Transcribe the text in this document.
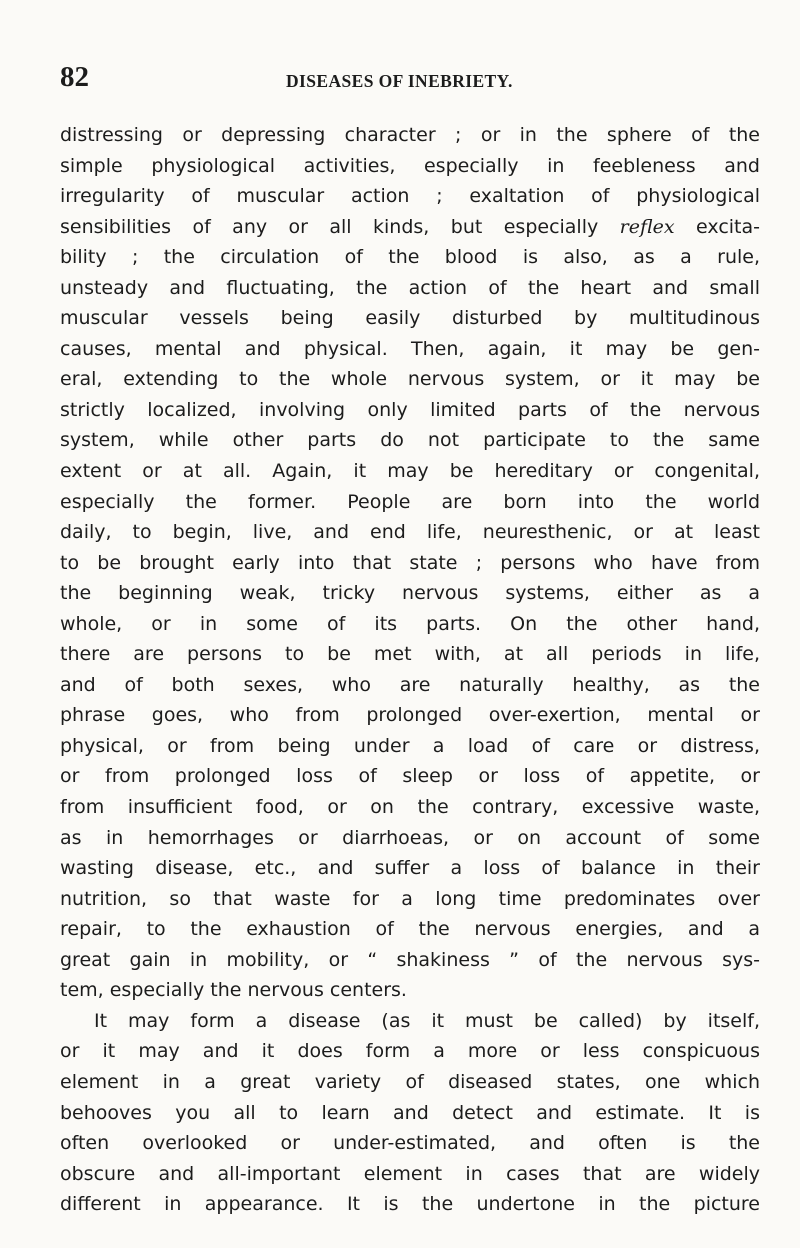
82	DISEASES OF INEBRIETY.
distressing or depressing character ; or in the sphere of the
simple physiological activities, especially in feebleness and
irregularity of muscular action ; exaltation of physiological
sensibilities of any or all kinds, but especially reflex excita-
bility ; the circulation of the blood is also, as a rule,
unsteady and fluctuating, the action of the heart and small
muscular vessels being easily disturbed by multitudinous
causes, mental and physical. Then, again, it may be gen-
eral, extending to the whole nervous system, or it may be
strictly localized, involving only limited parts of the nervous
system, while other parts do not participate to the same
extent or at all. Again, it may be hereditary or congenital,
especially the former. People are born into the world
daily, to begin, live, and end life, neuresthenic, or at least
to be brought early into that state ; persons who have from
the beginning weak, tricky nervous systems, either as a
whole, or in some of its parts. On the other hand,
there are persons to be met with, at all periods in life,
and of both sexes, who are naturally healthy, as the
phrase goes, who from prolonged over-exertion, mental or
physical, or from being under a load of care or distress,
or from prolonged loss of sleep or loss of appetite, or
from insufficient food, or on the contrary, excessive waste,
as in hemorrhages or diarrhoeas, or on account of some
wasting disease, etc., and suffer a loss of balance in their
nutrition, so that waste for a long time predominates over
repair, to the exhaustion of the nervous energies, and a
great gain in mobility, or “ shakiness ” of the nervous sys-
tem, especially the nervous centers.
It may form a disease (as it must be called) by itself,
or it may and it does form a more or less conspicuous
element in a great variety of diseased states, one which
behooves you all to learn and detect and estimate. It is
often overlooked or under-estimated, and often is the
obscure and all-important element in cases that are widely
different in appearance. It is the undertone in the picture
